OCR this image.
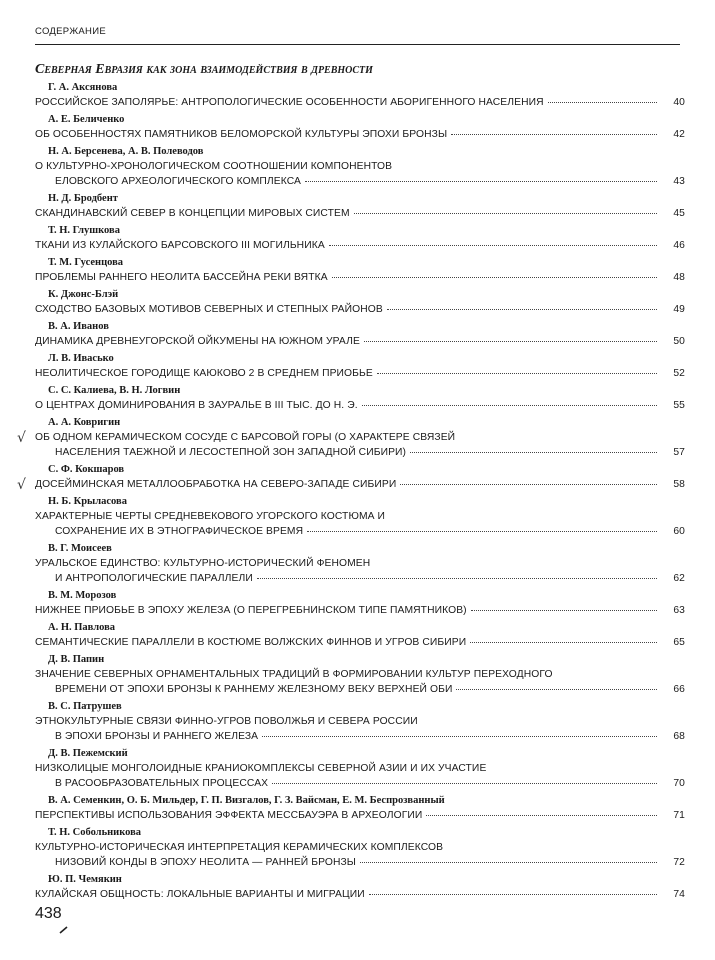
СОДЕРЖАНИЕ
Северная Евразия как зона взаимодействия в древности
Г. А. Аксянова
РОССИЙСКОЕ ЗАПОЛЯРЬЕ: АНТРОПОЛОГИЧЕСКИЕ ОСОБЕННОСТИ АБОРИГЕННОГО НАСЕЛЕНИЯ	40
А. Е. Беличенко
ОБ ОСОБЕННОСТЯХ ПАМЯТНИКОВ БЕЛОМОРСКОЙ КУЛЬТУРЫ ЭПОХИ БРОНЗЫ	42
Н. А. Берсенева, А. В. Полеводов
О КУЛЬТУРНО-ХРОНОЛОГИЧЕСКОМ СООТНОШЕНИИ КОМПОНЕНТОВ
ЕЛОВСКОГО АРХЕОЛОГИЧЕСКОГО КОМПЛЕКСА	43
Н. Д. Бродбент
СКАНДИНАВСКИЙ СЕВЕР В КОНЦЕПЦИИ МИРОВЫХ СИСТЕМ	45
Т. Н. Глушкова
ТКАНИ ИЗ КУЛАЙСКОГО БАРСОВСКОГО III МОГИЛЬНИКА	46
Т. М. Гусенцова
ПРОБЛЕМЫ РАННЕГО НЕОЛИТА БАССЕЙНА РЕКИ ВЯТКА	48
К. Джонс-Блэй
СХОДСТВО БАЗОВЫХ МОТИВОВ СЕВЕРНЫХ И СТЕПНЫХ РАЙОНОВ	49
В. А. Иванов
ДИНАМИКА ДРЕВНЕУГОРСКОЙ ОЙКУМЕНЫ НА ЮЖНОМ УРАЛЕ	50
Л. В. Ивасько
НЕОЛИТИЧЕСКОЕ ГОРОДИЩЕ КАЮКОВО 2 В СРЕДНЕМ ПРИОБЬЕ	52
С. С. Калиева, В. Н. Логвин
О ЦЕНТРАХ ДОМИНИРОВАНИЯ В ЗАУРАЛЬЕ В III ТЫС. ДО Н. Э.	55
√
А. А. Ковригин
ОБ ОДНОМ КЕРАМИЧЕСКОМ СОСУДЕ С БАРСОВОЙ ГОРЫ (О ХАРАКТЕРЕ СВЯЗЕЙ
НАСЕЛЕНИЯ ТАЕЖНОЙ И ЛЕСОСТЕПНОЙ ЗОН ЗАПАДНОЙ СИБИРИ)	57
√
С. Ф. Кокшаров
ДОСЕЙМИНСКАЯ МЕТАЛЛООБРАБОТКА НА СЕВЕРО-ЗАПАДЕ СИБИРИ	58
Н. Б. Крыласова
ХАРАКТЕРНЫЕ ЧЕРТЫ СРЕДНЕВЕКОВОГО УГОРСКОГО КОСТЮМА И
СОХРАНЕНИЕ ИХ В ЭТНОГРАФИЧЕСКОЕ ВРЕМЯ	60
В. Г. Моисеев
УРАЛЬСКОЕ ЕДИНСТВО: КУЛЬТУРНО-ИСТОРИЧЕСКИЙ ФЕНОМЕН
И АНТРОПОЛОГИЧЕСКИЕ ПАРАЛЛЕЛИ	62
В. М. Морозов
НИЖНЕЕ ПРИОБЬЕ В ЭПОХУ ЖЕЛЕЗА (О ПЕРЕГРЕБНИНСКОМ ТИПЕ ПАМЯТНИКОВ)	63
А. Н. Павлова
СЕМАНТИЧЕСКИЕ ПАРАЛЛЕЛИ В КОСТЮМЕ ВОЛЖСКИХ ФИННОВ И УГРОВ СИБИРИ	65
Д. В. Папин
ЗНАЧЕНИЕ СЕВЕРНЫХ ОРНАМЕНТАЛЬНЫХ ТРАДИЦИЙ В ФОРМИРОВАНИИ КУЛЬТУР ПЕРЕХОДНОГО
ВРЕМЕНИ ОТ ЭПОХИ БРОНЗЫ К РАННЕМУ ЖЕЛЕЗНОМУ ВЕКУ ВЕРХНЕЙ ОБИ	66
В. С. Патрушев
ЭТНОКУЛЬТУРНЫЕ СВЯЗИ ФИННО-УГРОВ ПОВОЛЖЬЯ И СЕВЕРА РОССИИ
В ЭПОХИ БРОНЗЫ И РАННЕГО ЖЕЛЕЗА	68
Д. В. Пежемский
НИЗКОЛИЦЫЕ МОНГОЛОИДНЫЕ КРАНИОКОМПЛЕКСЫ СЕВЕРНОЙ АЗИИ И ИХ УЧАСТИЕ
В РАСООБРАЗОВАТЕЛЬНЫХ ПРОЦЕССАХ	70
В. А. Семенкин, О. Б. Мильдер, Г. П. Визгалов, Г. З. Вайсман, Е. М. Беспрозванный
ПЕРСПЕКТИВЫ ИСПОЛЬЗОВАНИЯ ЭФФЕКТА МЕССБАУЭРА В АРХЕОЛОГИИ	71
Т. Н. Собольникова
КУЛЬТУРНО-ИСТОРИЧЕСКАЯ ИНТЕРПРЕТАЦИЯ КЕРАМИЧЕСКИХ КОМПЛЕКСОВ
НИЗОВИЙ КОНДЫ В ЭПОХУ НЕОЛИТА — РАННЕЙ БРОНЗЫ	72
Ю. П. Чемякин
КУЛАЙСКАЯ ОБЩНОСТЬ: ЛОКАЛЬНЫЕ ВАРИАНТЫ И МИГРАЦИИ	74
438
